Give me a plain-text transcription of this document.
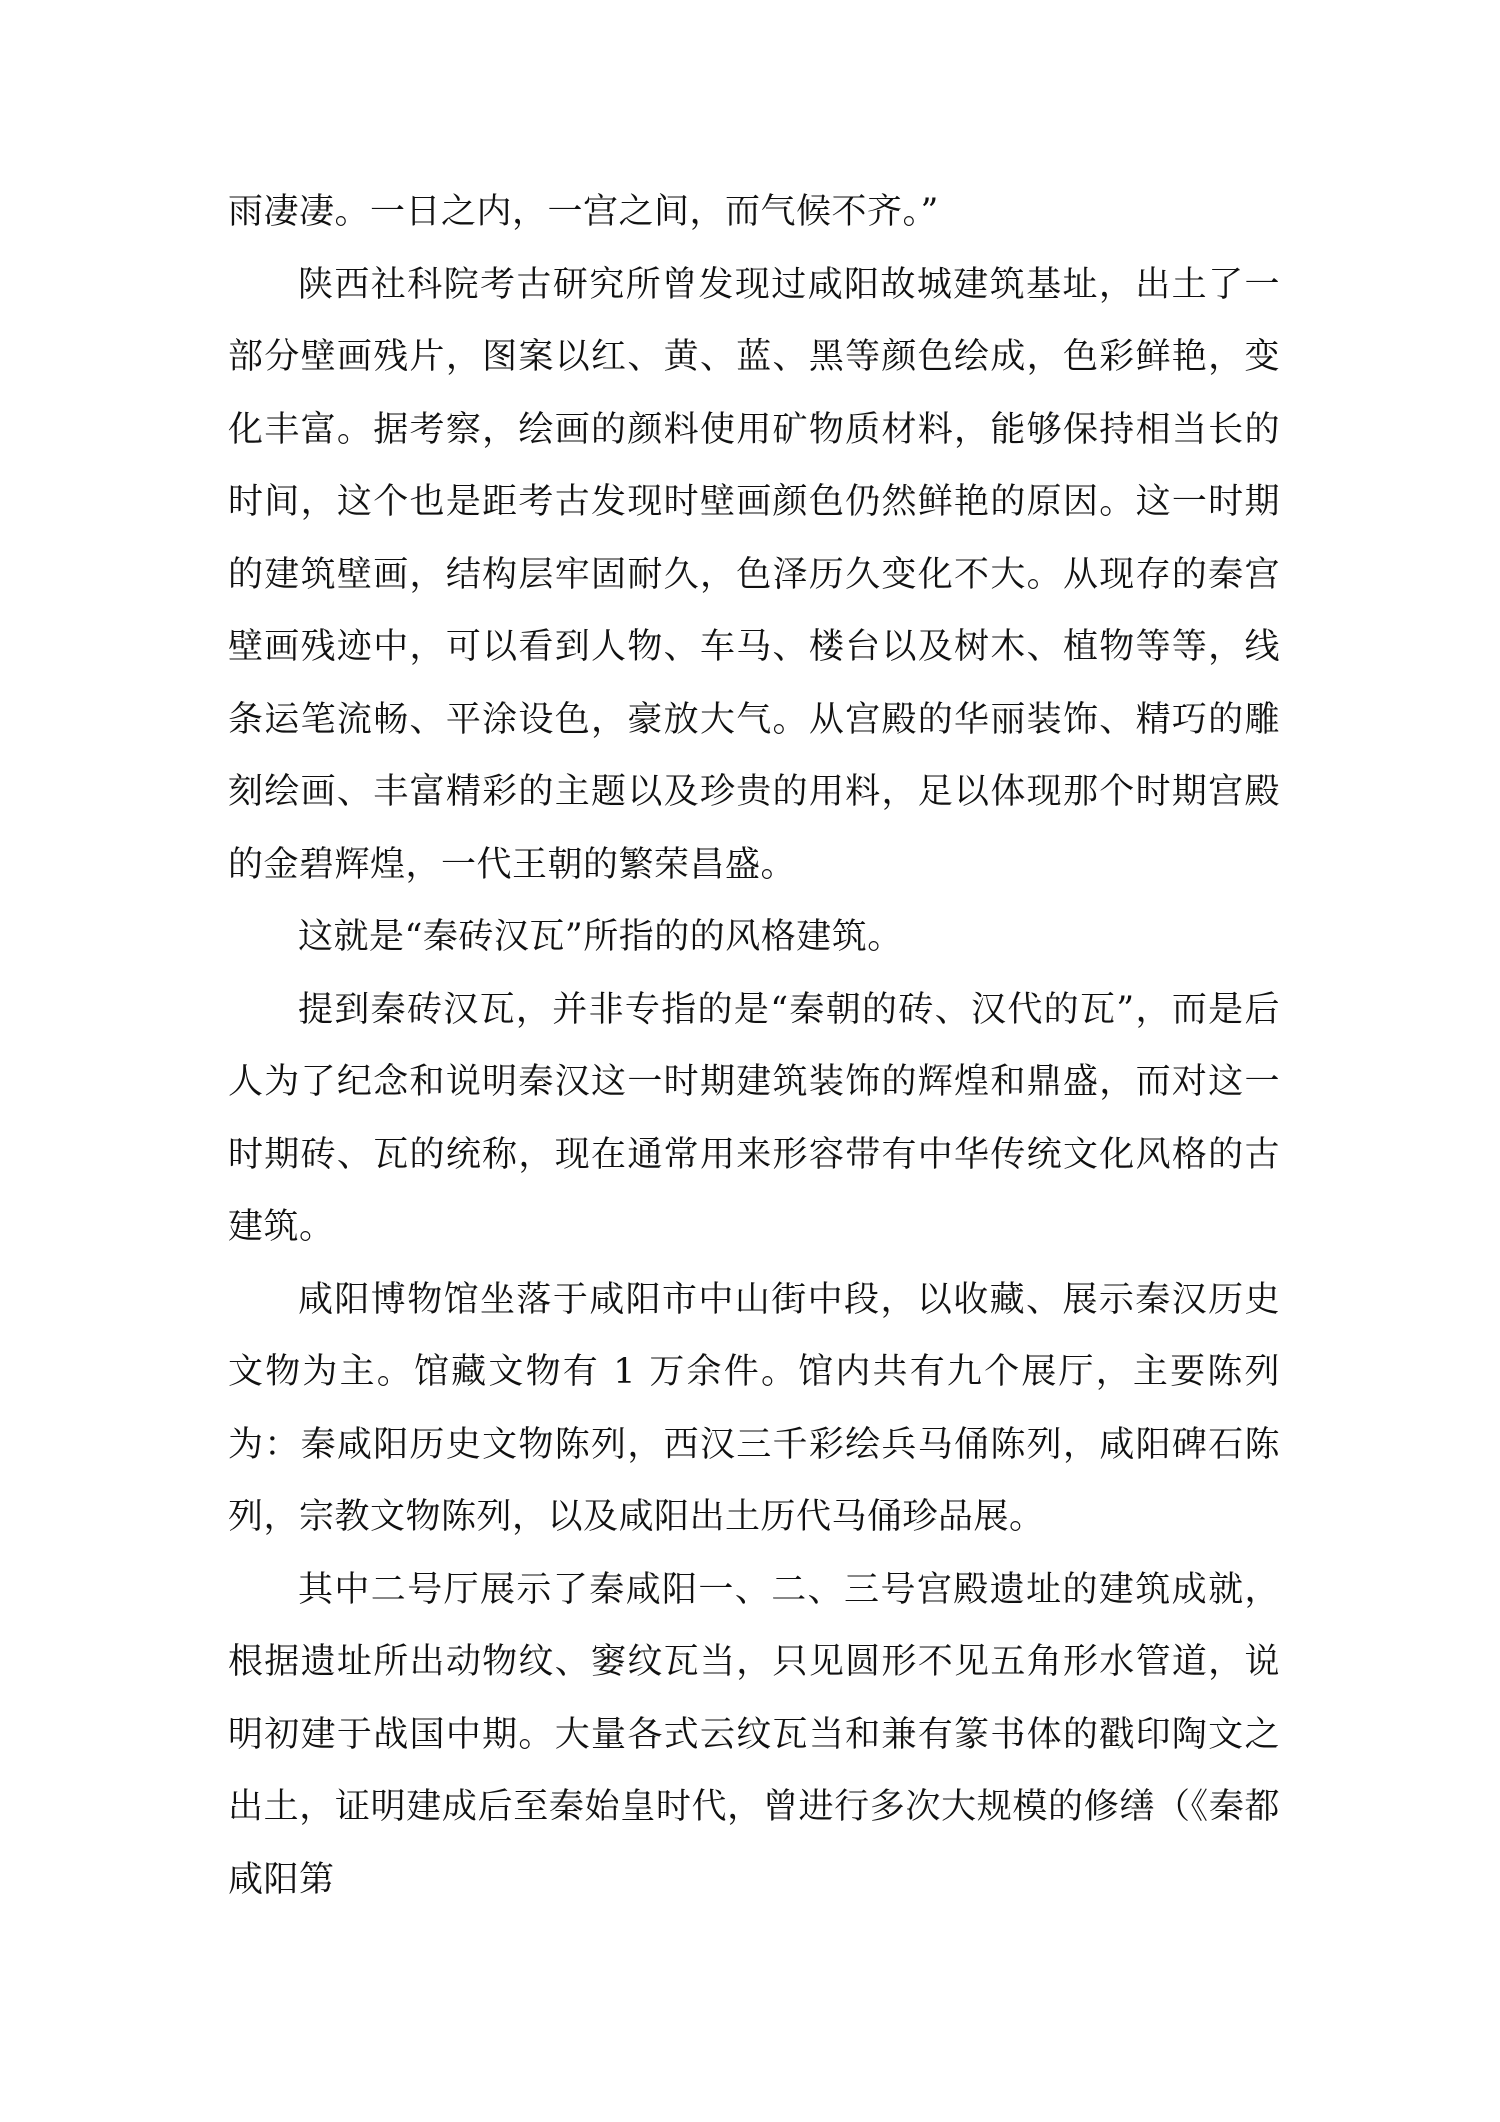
雨凄凄。一日之内，一宫之间，而气候不齐。”

陕西社科院考古研究所曾发现过咸阳故城建筑基址，出土了一部分壁画残片，图案以红、黄、蓝、黑等颜色绘成，色彩鲜艳，变化丰富。据考察，绘画的颜料使用矿物质材料，能够保持相当长的时间，这个也是距考古发现时壁画颜色仍然鲜艳的原因。这一时期的建筑壁画，结构层牢固耐久，色泽历久变化不大。从现存的秦宫壁画残迹中，可以看到人物、车马、楼台以及树木、植物等等，线条运笔流畅、平涂设色，豪放大气。从宫殿的华丽装饰、精巧的雕刻绘画、丰富精彩的主题以及珍贵的用料，足以体现那个时期宫殿的金碧辉煌，一代王朝的繁荣昌盛。

这就是“秦砖汉瓦”所指的的风格建筑。

提到秦砖汉瓦，并非专指的是“秦朝的砖、汉代的瓦”，而是后人为了纪念和说明秦汉这一时期建筑装饰的辉煌和鼎盛，而对这一时期砖、瓦的统称，现在通常用来形容带有中华传统文化风格的古建筑。

咸阳博物馆坐落于咸阳市中山街中段，以收藏、展示秦汉历史文物为主。馆藏文物有 1 万余件。馆内共有九个展厅，主要陈列为：秦咸阳历史文物陈列，西汉三千彩绘兵马俑陈列，咸阳碑石陈列，宗教文物陈列，以及咸阳出土历代马俑珍品展。

其中二号厅展示了秦咸阳一、二、三号宫殿遗址的建筑成就，根据遗址所出动物纹、窭纹瓦当，只见圆形不见五角形水管道，说明初建于战国中期。大量各式云纹瓦当和兼有篆书体的戳印陶文之出土，证明建成后至秦始皇时代，曾进行多次大规模的修缮（《秦都咸阳第
